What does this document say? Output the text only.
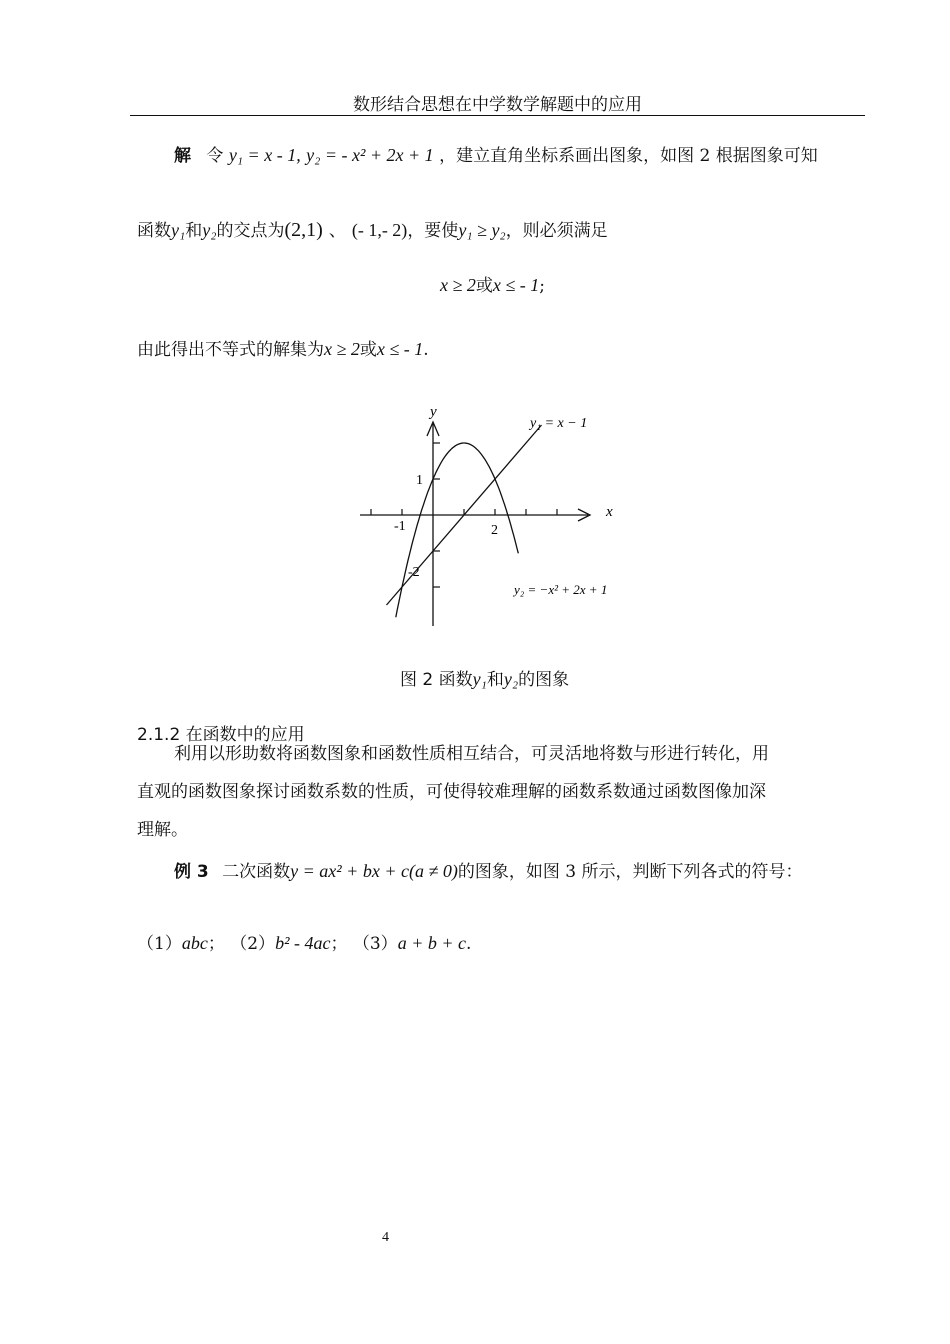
数形结合思想在中学数学解题中的应用
解 令 y₁ = x - 1, y₂ = - x² + 2x + 1 ，建立直角坐标系画出图象，如图 2 根据图象可知
函数y₁和y₂的交点为(2,1) 、 (- 1,- 2)，要使y₁ ≥ y₂，则必须满足
x ≥ 2或x ≤ - 1;
由此得出不等式的解集为x ≥ 2或x ≤ - 1.
y
x
1
-1	2
-2
y₁ = x − 1
y₂ = −x² + 2x + 1
图 2 函数y₁和y₂的图象
2.1.2 在函数中的应用
利用以形助数将函数图象和函数性质相互结合，可灵活地将数与形进行转化，用
直观的函数图象探讨函数系数的性质，可使得较难理解的函数系数通过函数图像加深
理解。
例 3 二次函数y = ax² + bx + c(a ≠ 0)的图象，如图 3 所示，判断下列各式的符号：
（1）abc； （2）b² - 4ac； （3）a + b + c.
4
